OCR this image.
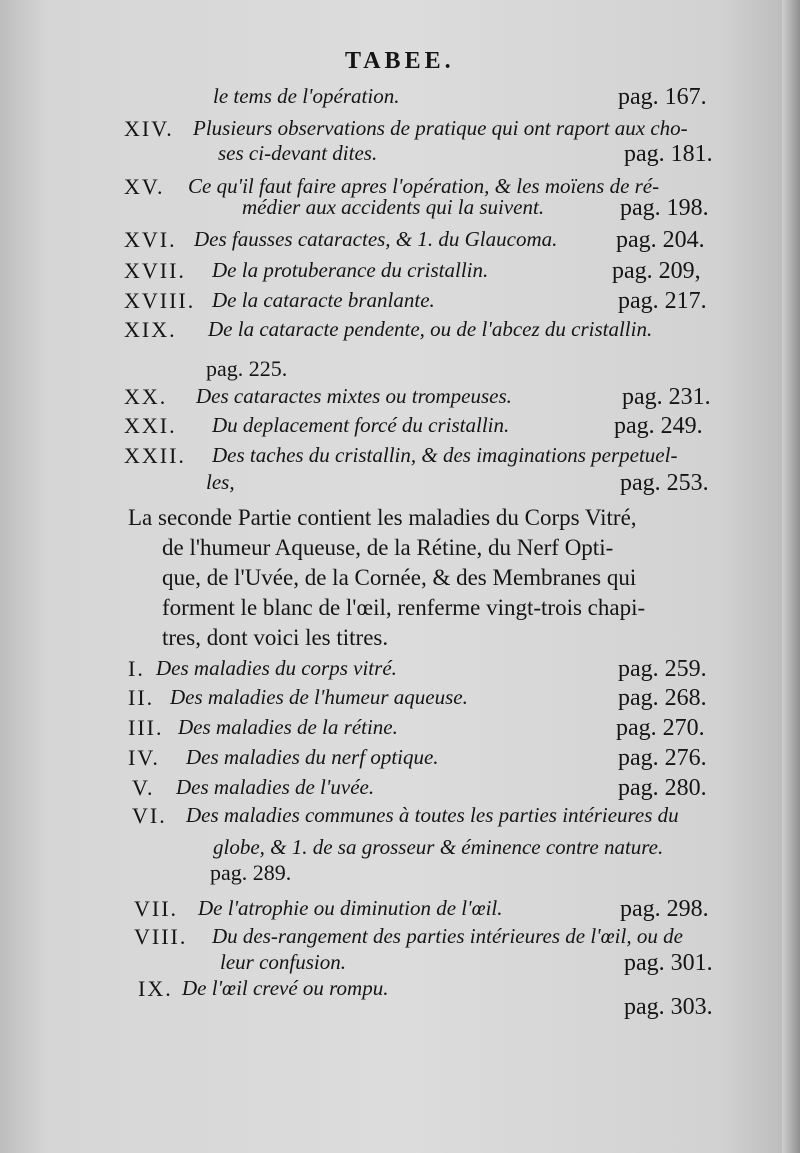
TABEE.
le tems de l'opération.	pag. 167.
XIV. Plusieurs observations de pratique qui ont raport aux cho-
ses ci-devant dites.	pag. 181.
XV. Ce qu'il faut faire apres l'opération, & les moïens de ré-
médier aux accidents qui la suivent.	pag. 198.
XVI. Des fausses cataractes, & 1. du Glaucoma. pag. 204.
XVII. De la protuberance du cristallin.	pag. 209,
XVIII. De la cataracte branlante.	pag. 217.
XIX. De la cataracte pendente, ou de l'abcez du cristallin.
pag. 225.
XX. Des cataractes mixtes ou trompeuses.	pag. 231.
XXI. Du deplacement forcé du cristallin.	pag. 249.
XXII. Des taches du cristallin, & des imaginations perpetuel-
les,	pag. 253.
La seconde Partie contient les maladies du Corps Vitré,
de l'humeur Aqueuse, de la Rétine, du Nerf Opti-
que, de l'Uvée, de la Cornée, & des Membranes qui
forment le blanc de l'œil, renferme vingt-trois chapi-
tres, dont voici les titres.
I. Des maladies du corps vitré.	pag. 259.
II. Des maladies de l'humeur aqueuse.	pag. 268.
III. Des maladies de la rétine.	pag. 270.
IV. Des maladies du nerf optique.	pag. 276.
V. Des maladies de l'uvée.	pag. 280.
VI. Des maladies communes à toutes les parties intérieures du
globe, & 1. de sa grosseur & éminence contre nature.
pag. 289.
VII. De l'atrophie ou diminution de l'œil.	pag. 298.
VIII. Du des-rangement des parties intérieures de l'œil, ou de
leur confusion.	pag. 301.
IX. De l'œil crevé ou rompu.
pag. 303.
